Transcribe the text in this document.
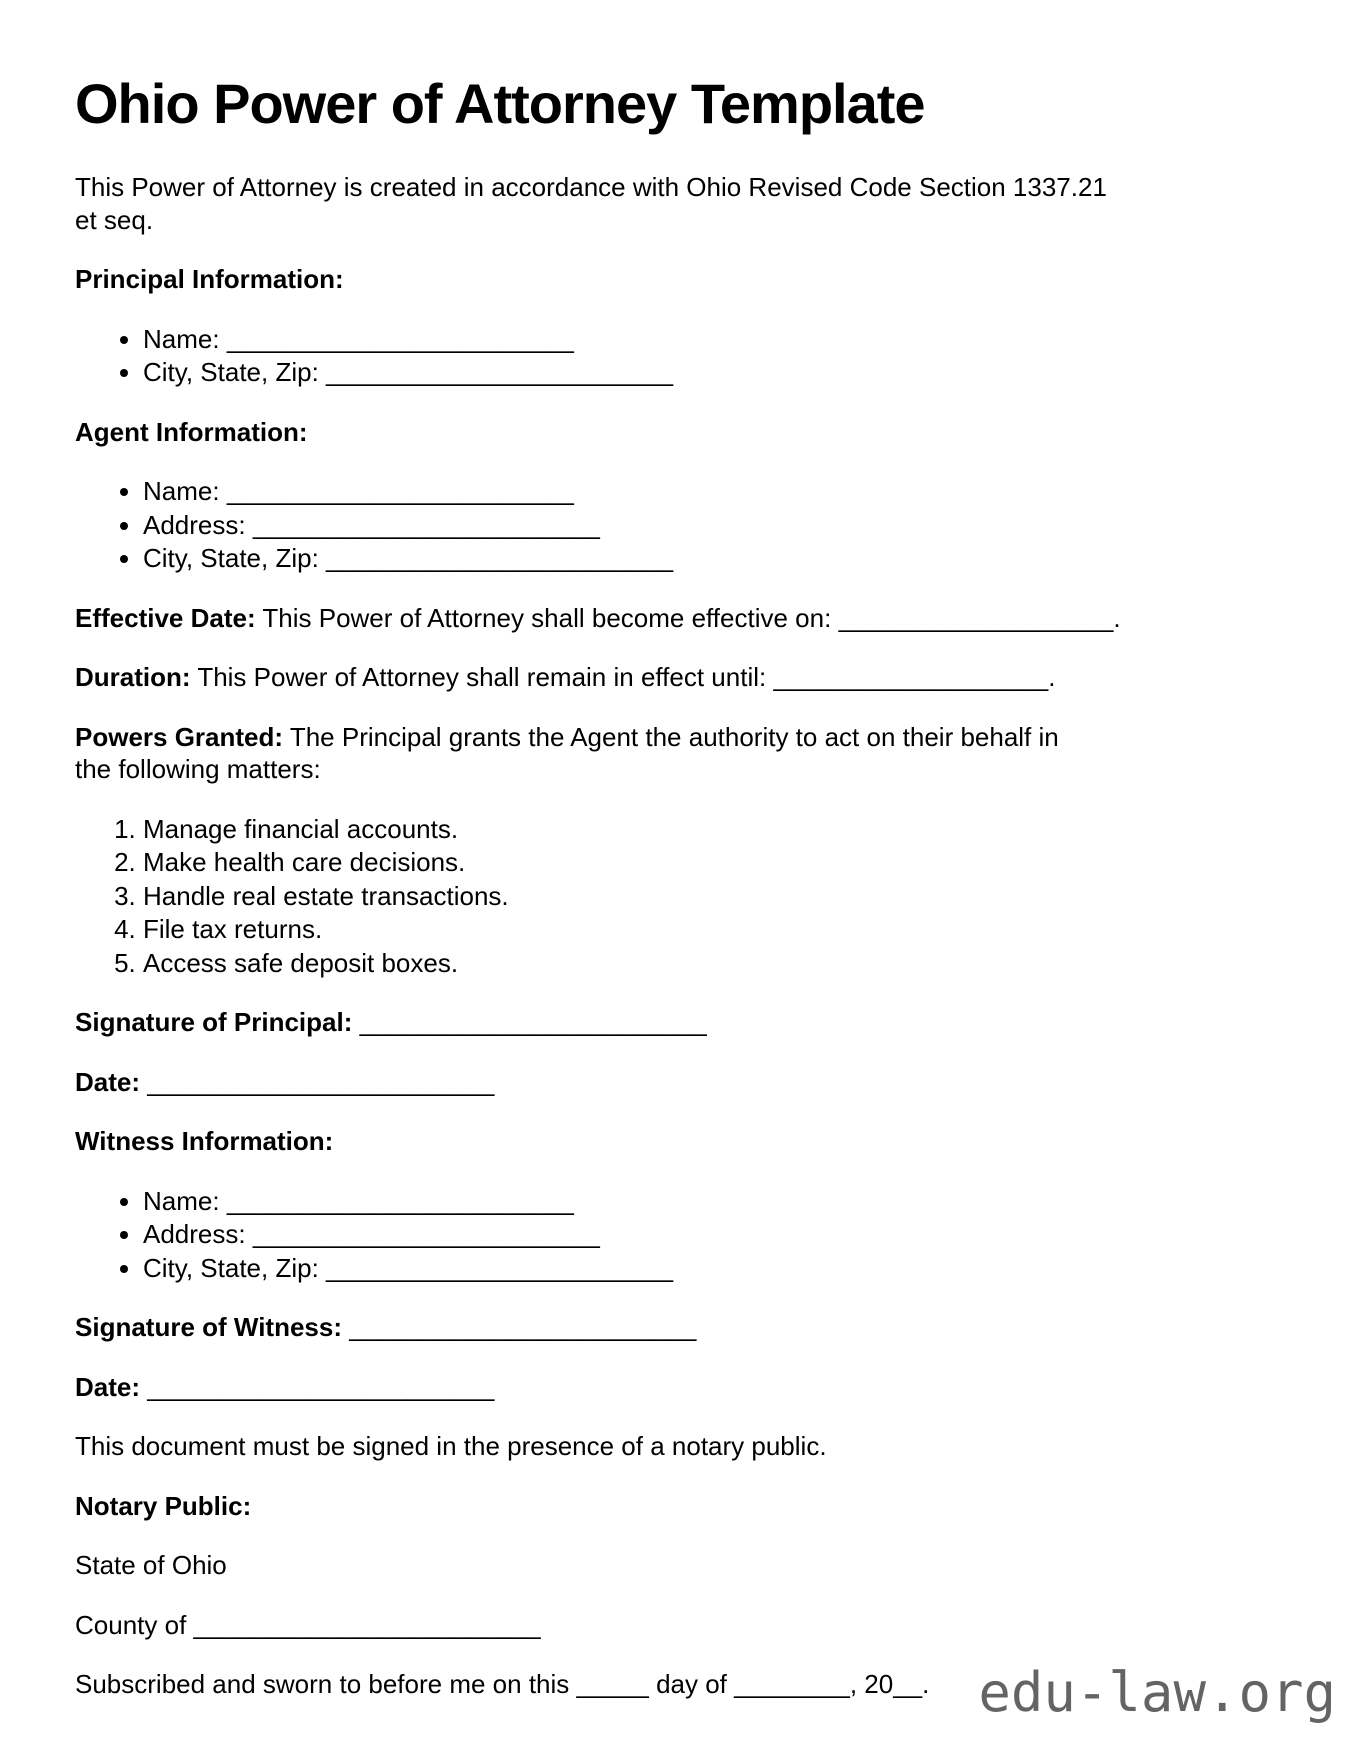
Ohio Power of Attorney Template

This Power of Attorney is created in accordance with Ohio Revised Code Section 1337.21
et seq.

Principal Information:

• Name: ________________________
• City, State, Zip: ________________________

Agent Information:

• Name: ________________________
• Address: ________________________
• City, State, Zip: ________________________

Effective Date: This Power of Attorney shall become effective on: ___________________.

Duration: This Power of Attorney shall remain in effect until: ___________________.

Powers Granted: The Principal grants the Agent the authority to act on their behalf in
the following matters:

1. Manage financial accounts.
2. Make health care decisions.
3. Handle real estate transactions.
4. File tax returns.
5. Access safe deposit boxes.

Signature of Principal: ________________________

Date: ________________________

Witness Information:

• Name: ________________________
• Address: ________________________
• City, State, Zip: ________________________

Signature of Witness: ________________________

Date: ________________________

This document must be signed in the presence of a notary public.

Notary Public:

State of Ohio

County of ________________________

Subscribed and sworn to before me on this _____ day of ________, 20__. edu-law.org
